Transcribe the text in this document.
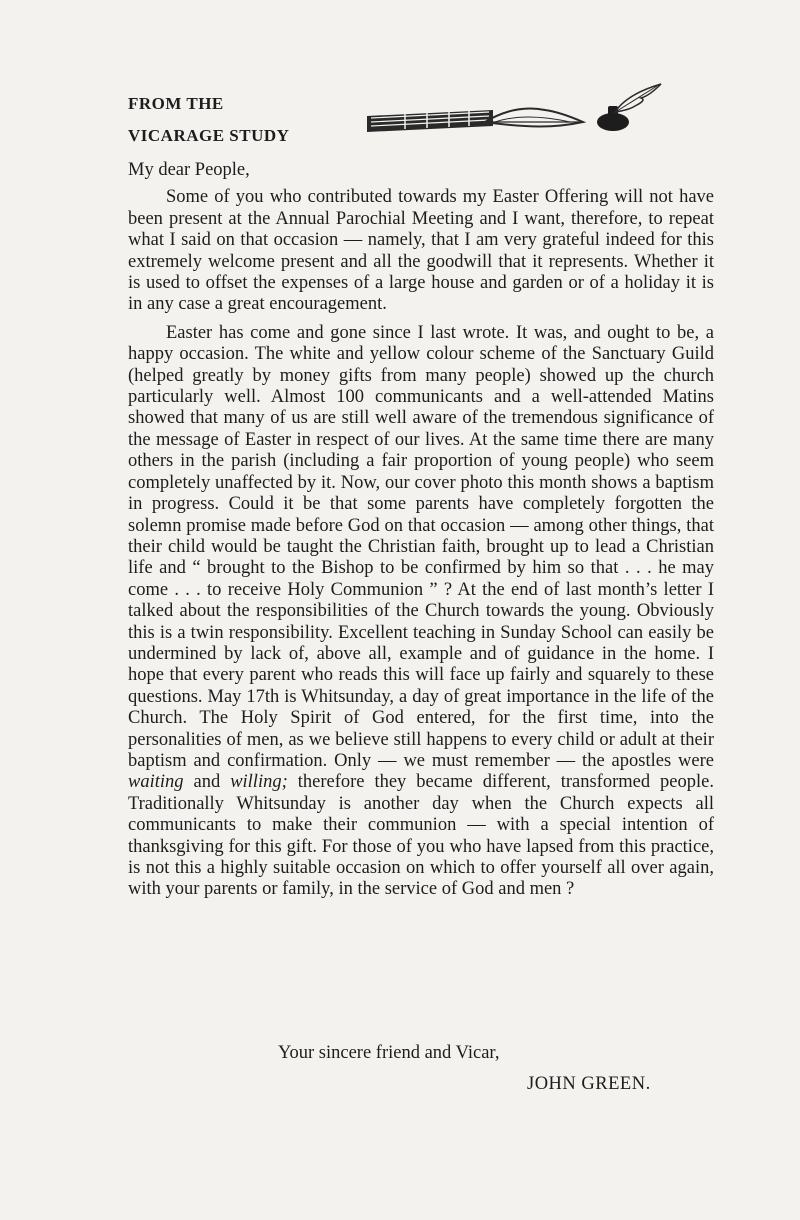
FROM THE
VICARAGE STUDY

My dear People,

Some of you who contributed towards my Easter Offering will not have been present at the Annual Parochial Meeting and I want, therefore, to repeat what I said on that occasion — namely, that I am very grateful indeed for this extremely welcome present and all the goodwill that it represents. Whether it is used to offset the expenses of a large house and garden or of a holiday it is in any case a great encouragement.

Easter has come and gone since I last wrote. It was, and ought to be, a happy occasion. The white and yellow colour scheme of the Sanctuary Guild (helped greatly by money gifts from many people) showed up the church particularly well. Almost 100 communicants and a well-attended Matins showed that many of us are still well aware of the tremendous significance of the message of Easter in respect of our lives. At the same time there are many others in the parish (including a fair proportion of young people) who seem completely unaffected by it. Now, our cover photo this month shows a baptism in progress. Could it be that some parents have completely forgotten the solemn promise made before God on that occasion — among other things, that their child would be taught the Christian faith, brought up to lead a Christian life and “ brought to the Bishop to be confirmed by him so that . . . he may come . . . to receive Holy Communion ” ? At the end of last month’s letter I talked about the responsibilities of the Church towards the young. Obviously this is a twin responsibility. Excellent teaching in Sunday School can easily be undermined by lack of, above all, example and of guidance in the home. I hope that every parent who reads this will face up fairly and squarely to these questions. May 17th is Whitsunday, a day of great importance in the life of the Church. The Holy Spirit of God entered, for the first time, into the personalities of men, as we believe still happens to every child or adult at their baptism and confirmation. Only — we must remember — the apostles were waiting and willing; therefore they became different, transformed people. Traditionally Whitsunday is another day when the Church expects all communicants to make their communion — with a special intention of thanksgiving for this gift. For those of you who have lapsed from this practice, is not this a highly suitable occasion on which to offer yourself all over again, with your parents or family, in the service of God and men ?

Your sincere friend and Vicar,
JOHN GREEN.
